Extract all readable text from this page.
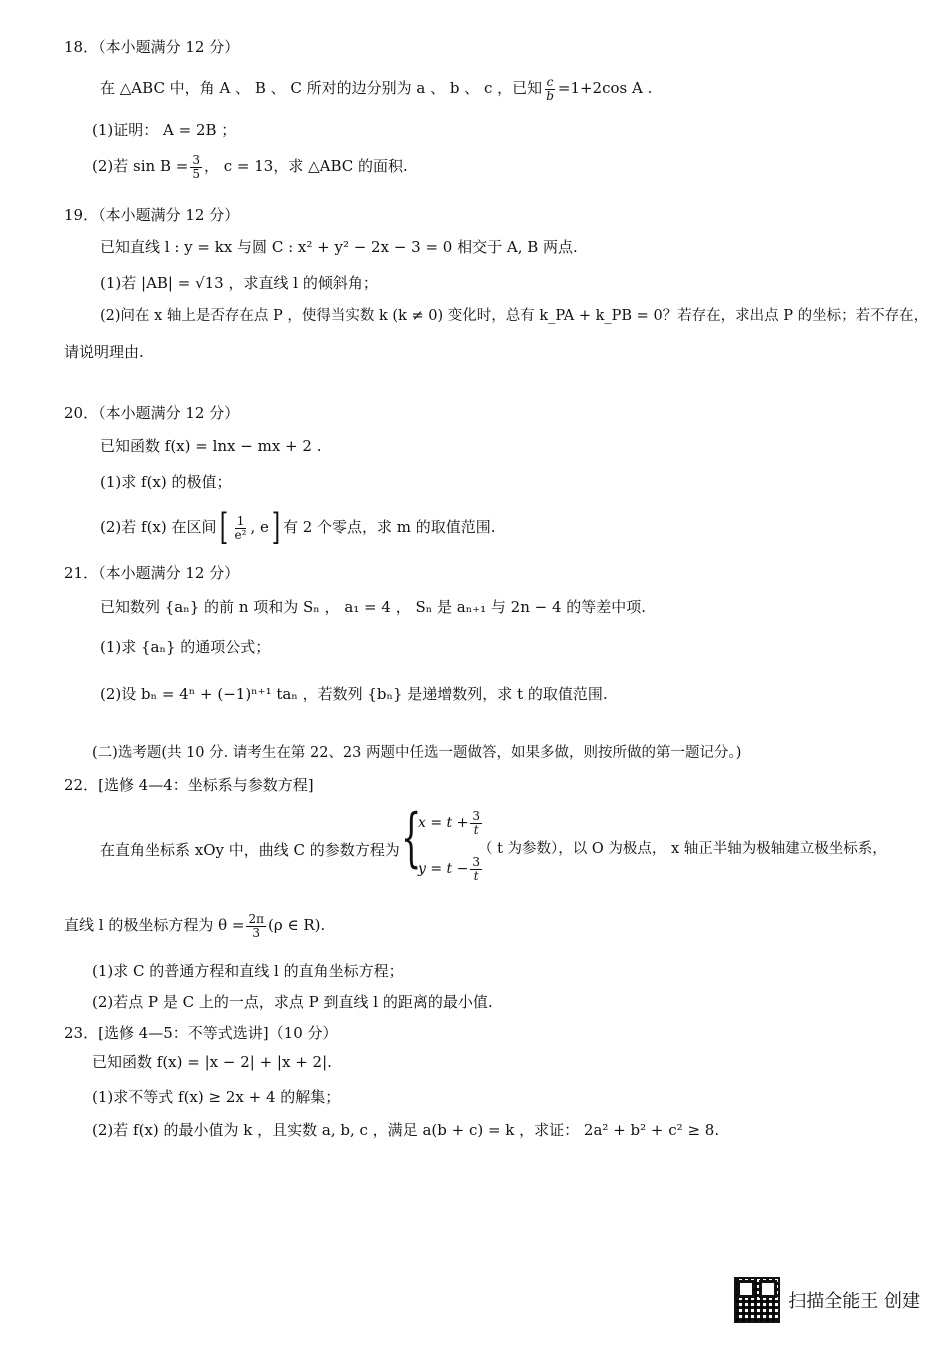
18．（本小题满分 12 分）
在 △ABC 中，角 A 、 B 、 C 所对的边分别为 a 、 b 、 c ，已知 $\frac{c}{b} =1+2\cos$ A .
(1)证明： A = 2B ；
(2)若 $\sin B = \frac{3}{5}$ ， c = 13，求 △ABC 的面积.
19．（本小题满分 12 分）
已知直线 l : y = kx 与圆 C : x² + y² − 2x − 3 = 0 相交于 A, B 两点.
(1)若 |AB| = √13 ，求直线 l 的倾斜角；
(2)问在 x 轴上是否存在点 P ，使得当实数 k (k ≠ 0) 变化时，总有 k_PA + k_PB = 0？若存在，求出点 P 的坐标；若不存在，
请说明理由.
20．（本小题满分 12 分）
已知函数 f(x) = lnx − mx + 2 .
(1)求 f(x) 的极值；
(2)若 f(x) 在区间[ $\frac{1}{\text{e²}}$ , e] 有 2 个零点，求 m 的取值范围.
21．（本小题满分 12 分）
已知数列 {aₙ} 的前 n 项和为 Sₙ ， a₁ = 4 ， Sₙ 是 aₙ₊₁ 与 2n − 4 的等差中项.
(1)求 {aₙ} 的通项公式；
(2)设 bₙ = 4ⁿ + (−1)ⁿ⁺¹ taₙ ，若数列 {bₙ} 是递增数列，求 t 的取值范围.
(二)选考题(共 10 分. 请考生在第 22、23 两题中任选一题做答，如果多做，则按所做的第一题记分。)
22．[选修 4—4：坐标系与参数方程]
在直角坐标系 xOy 中，曲线 C 的参数方程为 {
$x = t + \frac{3}{t}$
$y = t - \frac{3}{t}$
（ t 为参数），以 O 为极点， x 轴正半轴为极轴建立极坐标系，
直线 l 的极坐标方程为 $\theta = \frac{2\pi}{3} (\rho$ ∈ R).
(1)求 C 的普通方程和直线 l 的直角坐标方程；
(2)若点 P 是 C 上的一点，求点 P 到直线 l 的距离的最小值.
23．[选修 4—5：不等式选讲]（10 分）
已知函数 f(x) = |x − 2| + |x + 2|.
(1)求不等式 f(x) ≥ 2x + 4 的解集；
(2)若 f(x) 的最小值为 k ，且实数 a, b, c ，满足 a(b + c) = k ，求证： 2a² + b² + c² ≥ 8.
扫描全能王 创建
